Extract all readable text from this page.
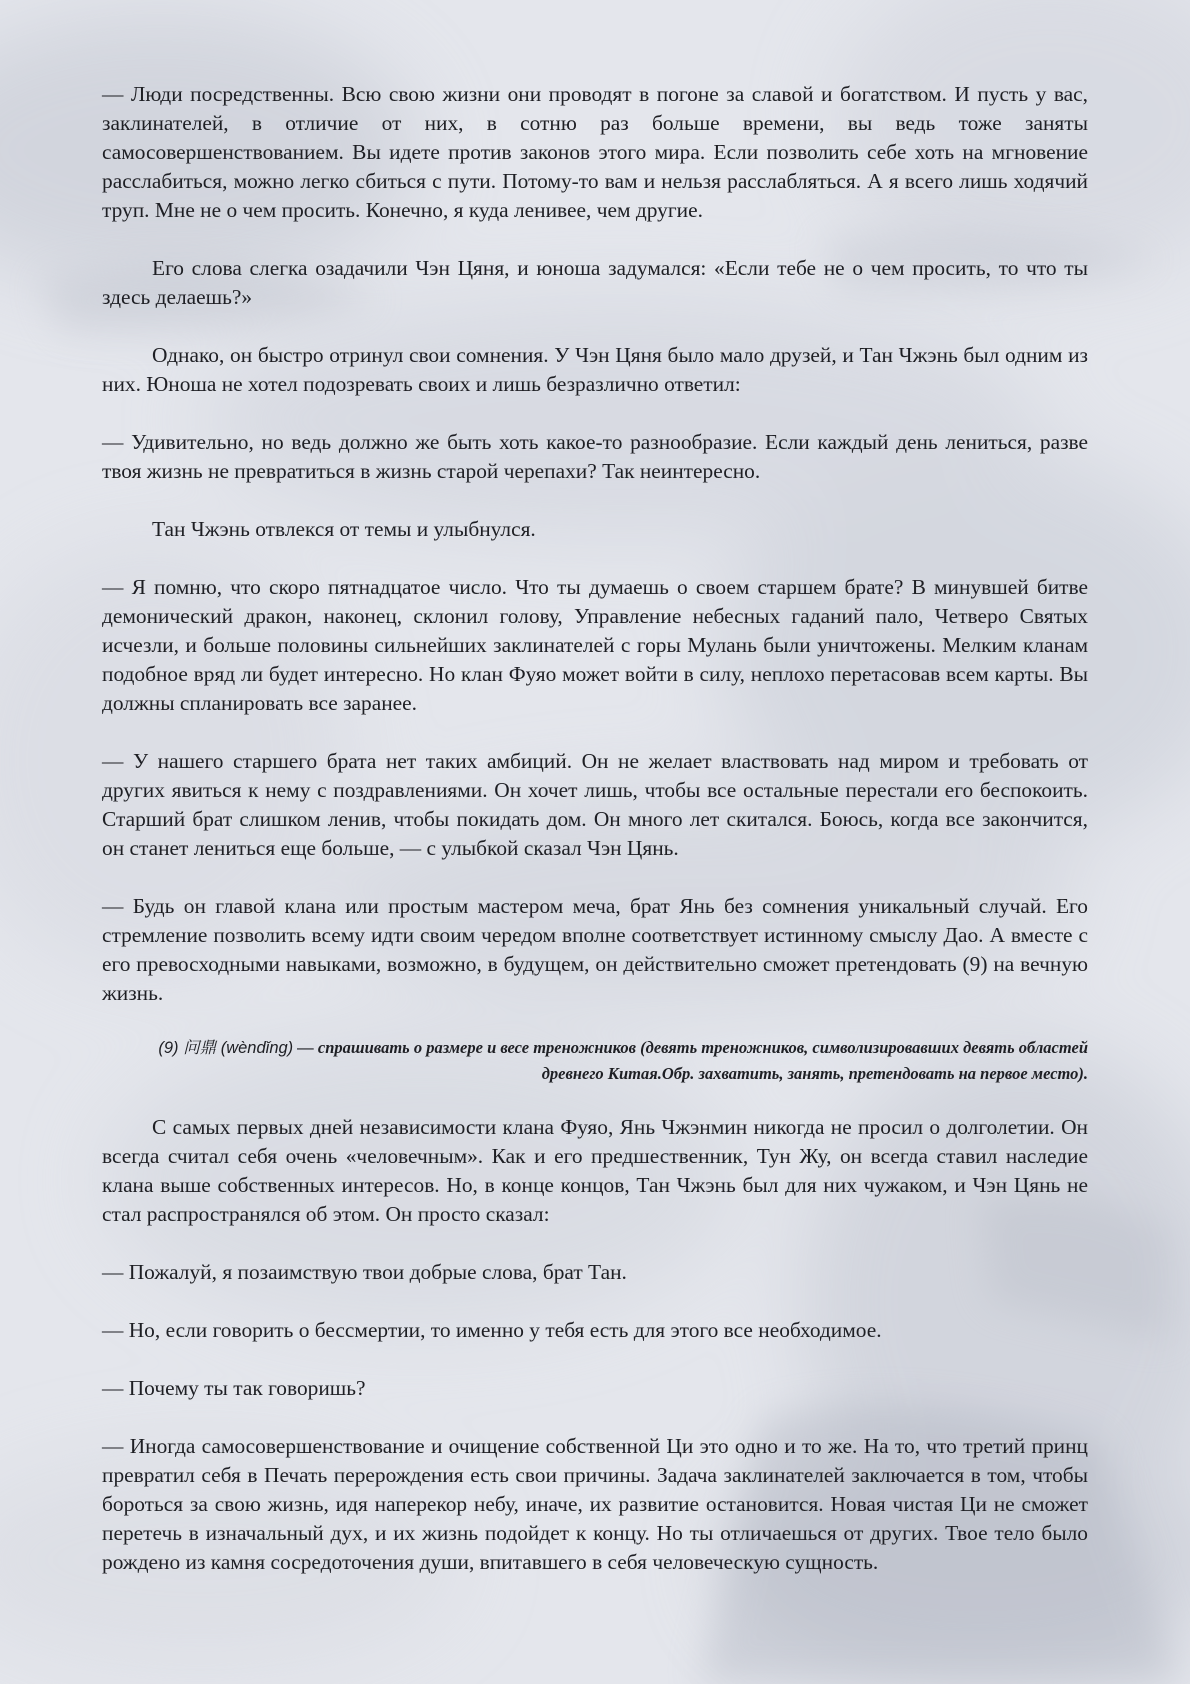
— Люди посредственны. Всю свою жизни они проводят в погоне за славой и богатством. И пусть у вас, заклинателей, в отличие от них, в сотню раз больше времени, вы ведь тоже заняты самосовершенствованием. Вы идете против законов этого мира. Если позволить себе хоть на мгновение расслабиться, можно легко сбиться с пути. Потому-то вам и нельзя расслабляться. А я всего лишь ходячий труп. Мне не о чем просить. Конечно, я куда ленивее, чем другие.

Его слова слегка озадачили Чэн Цяня, и юноша задумался: «Если тебе не о чем просить, то что ты здесь делаешь?»

Однако, он быстро отринул свои сомнения. У Чэн Цяня было мало друзей, и Тан Чжэнь был одним из них. Юноша не хотел подозревать своих и лишь безразлично ответил:

— Удивительно, но ведь должно же быть хоть какое-то разнообразие. Если каждый день лениться, разве твоя жизнь не превратиться в жизнь старой черепахи? Так неинтересно.

Тан Чжэнь отвлекся от темы и улыбнулся.

— Я помню, что скоро пятнадцатое число. Что ты думаешь о своем старшем брате? В минувшей битве демонический дракон, наконец, склонил голову, Управление небесных гаданий пало, Четверо Святых исчезли, и больше половины сильнейших заклинателей с горы Мулань были уничтожены. Мелким кланам подобное вряд ли будет интересно. Но клан Фуяо может войти в силу, неплохо перетасовав всем карты. Вы должны спланировать все заранее.

— У нашего старшего брата нет таких амбиций. Он не желает властвовать над миром и требовать от других явиться к нему с поздравлениями. Он хочет лишь, чтобы все остальные перестали его беспокоить. Старший брат слишком ленив, чтобы покидать дом. Он много лет скитался. Боюсь, когда все закончится, он станет лениться еще больше, — с улыбкой сказал Чэн Цянь.

— Будь он главой клана или простым мастером меча, брат Янь без сомнения уникальный случай. Его стремление позволить всему идти своим чередом вполне соответствует истинному смыслу Дао. А вместе с его превосходными навыками, возможно, в будущем, он действительно сможет претендовать (9) на вечную жизнь.

(9) 问鼎 (wèndǐng) — спрашивать о размере и весе треножников (девять треножников, символизировавших девять областей древнего Китая.Обр. захватить, занять, претендовать на первое место).

С самых первых дней независимости клана Фуяо, Янь Чжэнмин никогда не просил о долголетии. Он всегда считал себя очень «человечным». Как и его предшественник, Тун Жу, он всегда ставил наследие клана выше собственных интересов. Но, в конце концов, Тан Чжэнь был для них чужаком, и Чэн Цянь не стал распространялся об этом. Он просто сказал:

— Пожалуй, я позаимствую твои добрые слова, брат Тан.

— Но, если говорить о бессмертии, то именно у тебя есть для этого все необходимое.

— Почему ты так говоришь?

— Иногда самосовершенствование и очищение собственной Ци это одно и то же. На то, что третий принц превратил себя в Печать перерождения есть свои причины. Задача заклинателей заключается в том, чтобы бороться за свою жизнь, идя наперекор небу, иначе, их развитие остановится. Новая чистая Ци не сможет перетечь в изначальный дух, и их жизнь подойдет к концу. Но ты отличаешься от других. Твое тело было рождено из камня сосредоточения души, впитавшего в себя человеческую сущность.
